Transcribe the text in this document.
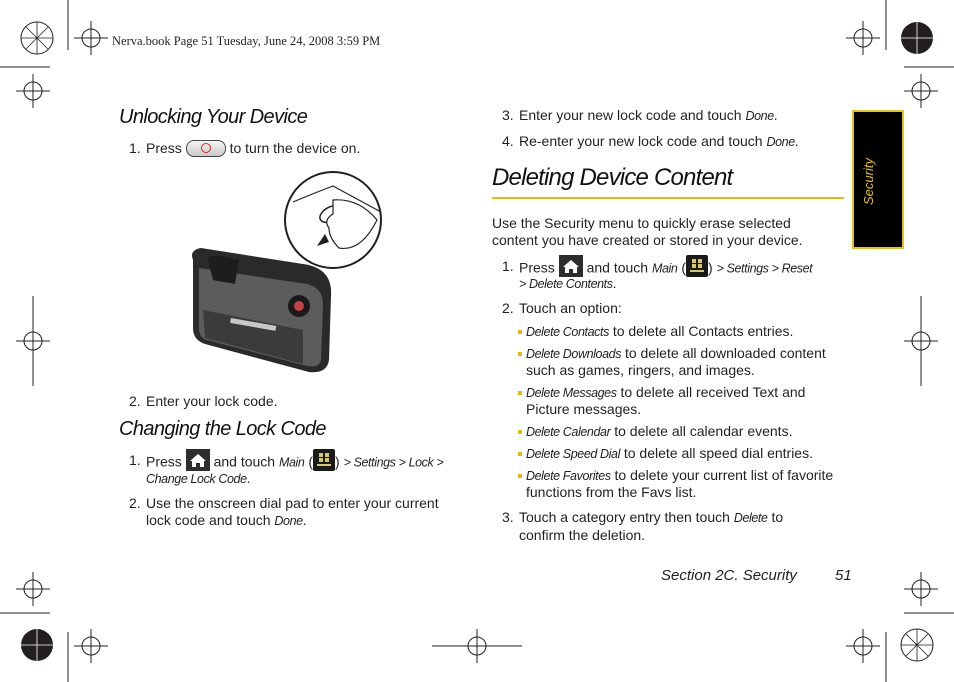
Nerva.book Page 51 Tuesday, June 24, 2008 3:59 PM
Security
Unlocking Your Device
1. Press	to turn the device on.
2. Enter your lock code.
Changing the Lock Code
1. Press and touch Main ( ) > Settings > Lock >
Change Lock Code.
2. Use the onscreen dial pad to enter your current
lock code and touch Done.
3. Enter your new lock code and touch Done.
4. Re-enter your new lock code and touch Done.
Deleting Device Content
Use the Security menu to quickly erase selected
content you have created or stored in your device.
1. Press and touch Main ( ) > Settings > Reset
> Delete Contents.
2. Touch an option:
Delete Contacts to delete all Contacts entries.
Delete Downloads to delete all downloaded content
such as games, ringers, and images.
Delete Messages to delete all received Text and
Picture messages.
Delete Calendar to delete all calendar events.
Delete Speed Dial to delete all speed dial entries.
Delete Favorites to delete your current list of favorite
functions from the Favs list.
3. Touch a category entry then touch Delete to
confirm the deletion.
Section 2C. Security	51
